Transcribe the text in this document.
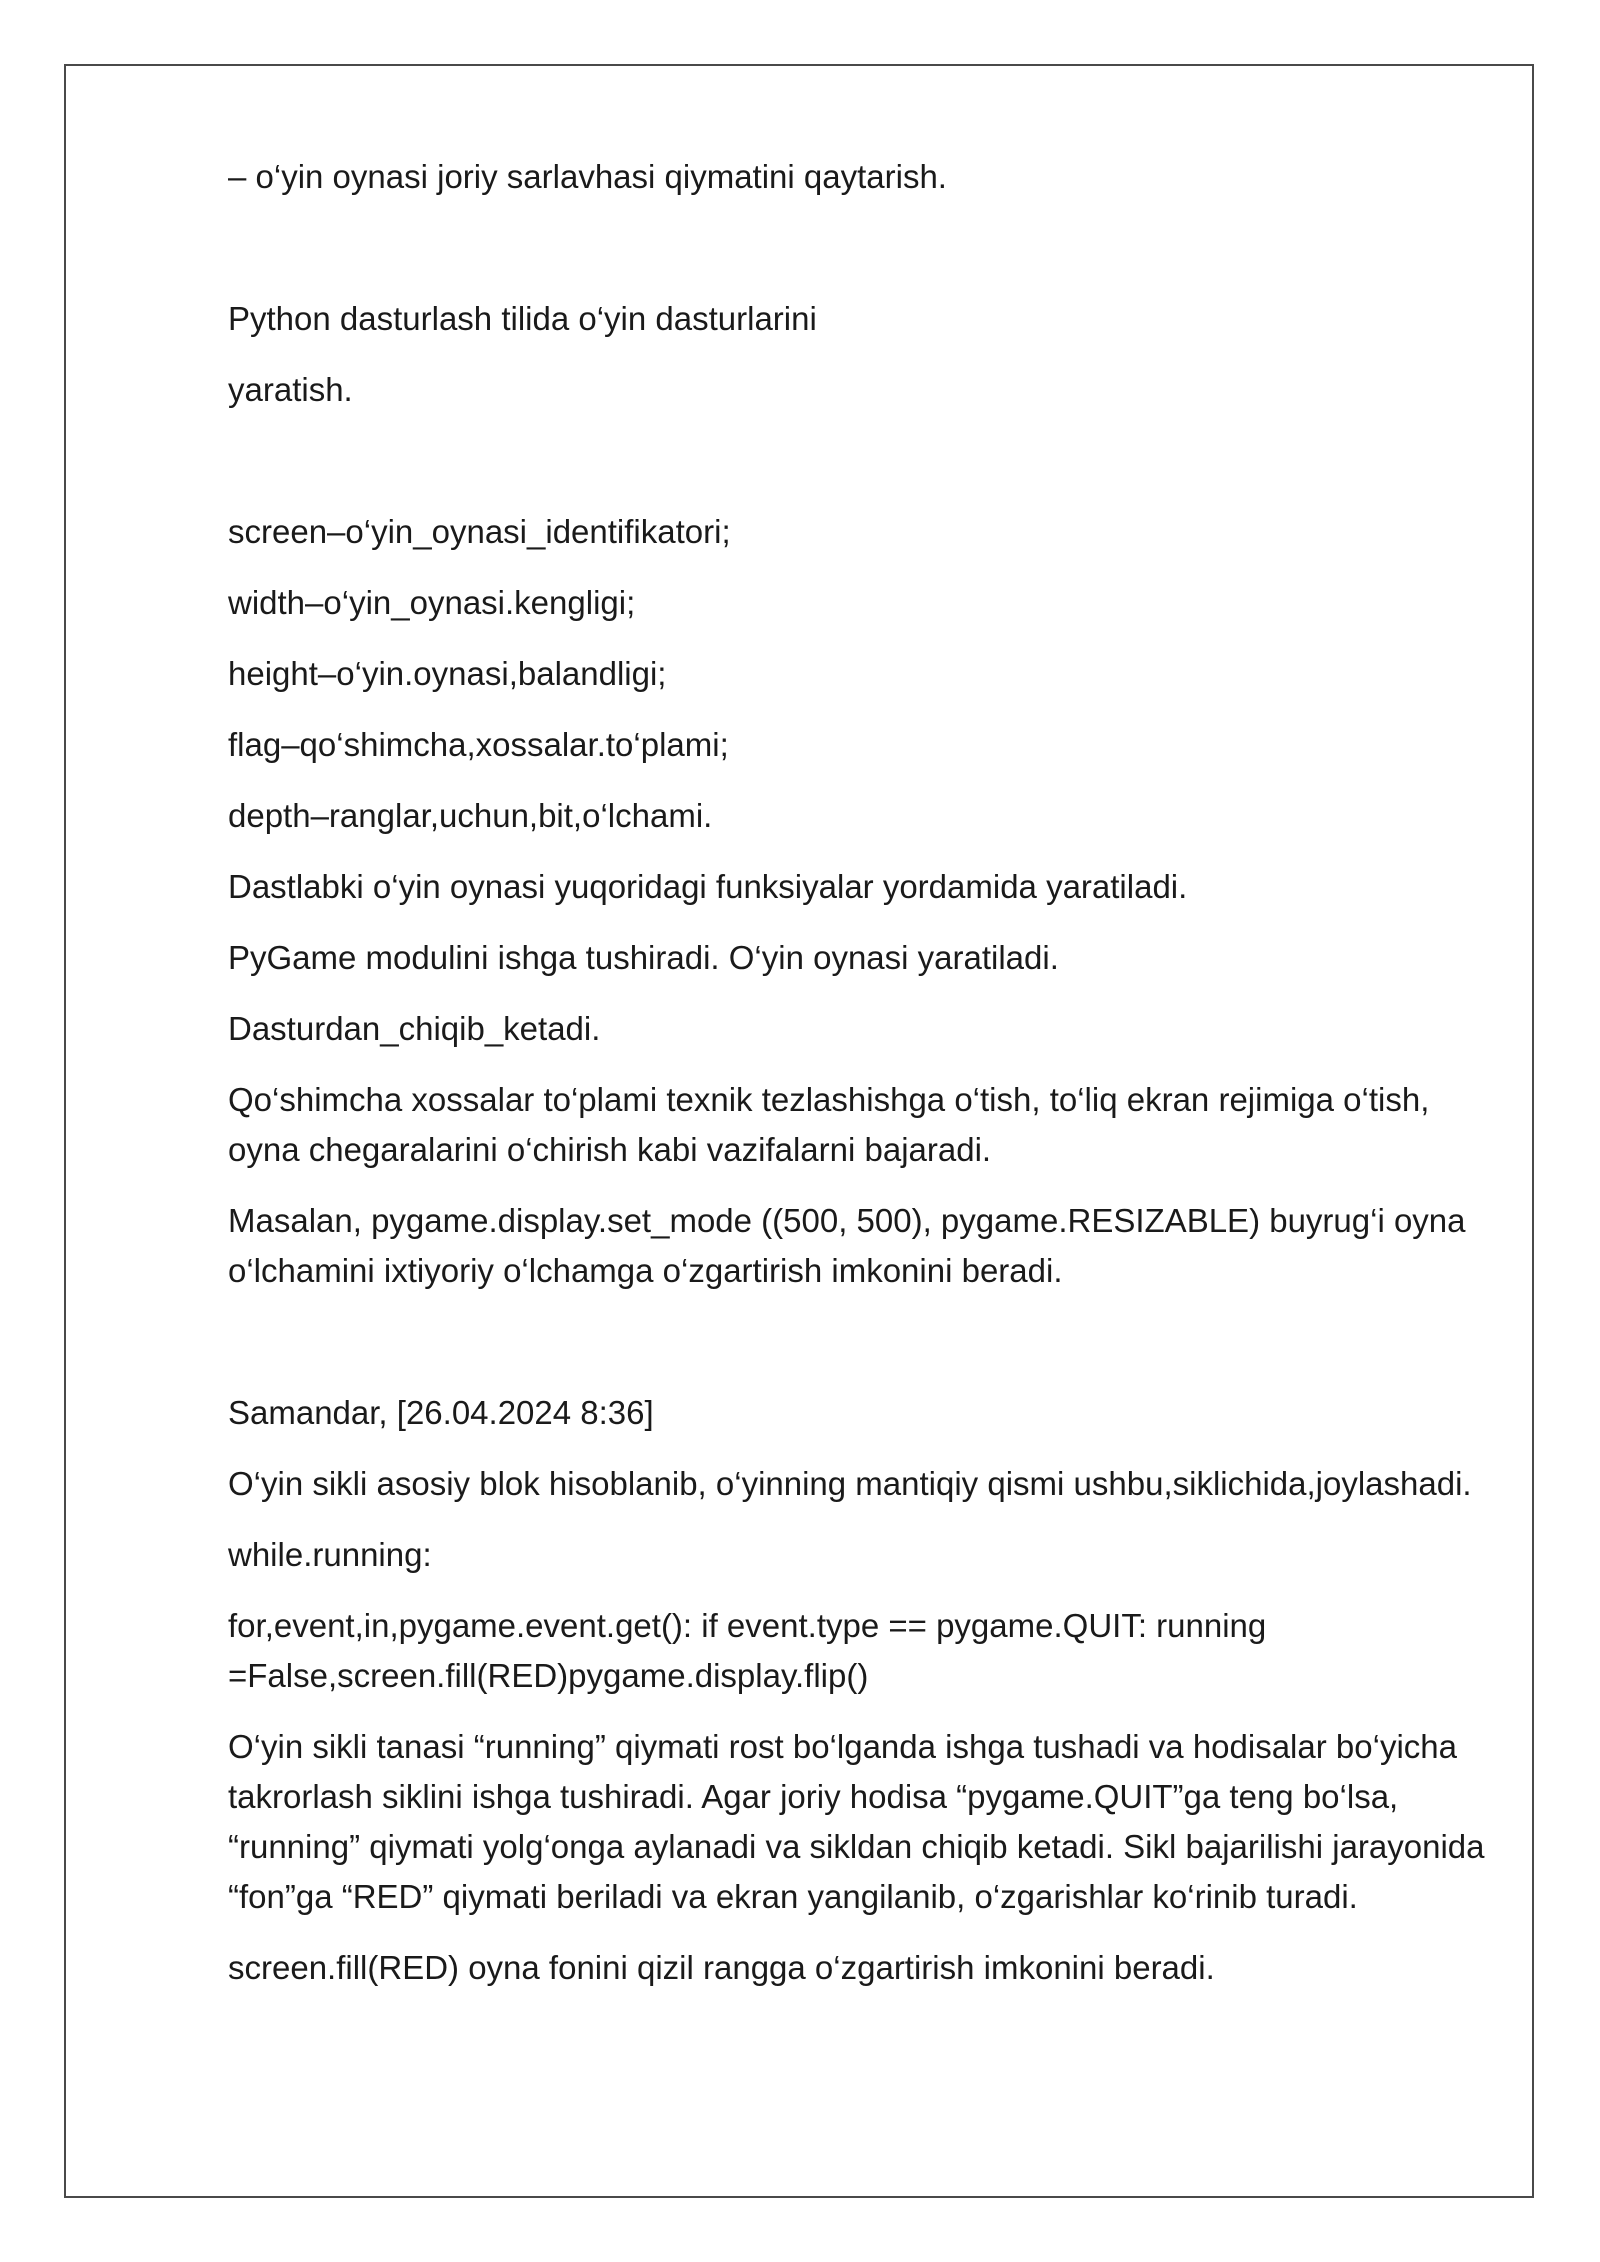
– o‘yin oynasi joriy sarlavhasi qiymatini qaytarish.

Python dasturlash tilida o‘yin dasturlarini

yaratish.

screen–o‘yin_oynasi_identifikatori;

width–o‘yin_oynasi.kengligi;

height–o‘yin.oynasi,balandligi;

flag–qo‘shimcha,xossalar.to‘plami;

depth–ranglar,uchun,bit,o‘lchami.

Dastlabki o‘yin oynasi yuqoridagi funksiyalar yordamida yaratiladi.

PyGame modulini ishga tushiradi. O‘yin oynasi yaratiladi.

Dasturdan_chiqib_ketadi.

Qo‘shimcha xossalar to‘plami texnik tezlashishga o‘tish, to‘liq ekran rejimiga o‘tish, oyna chegaralarini o‘chirish kabi vazifalarni bajaradi.

Masalan, pygame.display.set_mode ((500, 500), pygame.RESIZABLE) buyrug‘i oyna o‘lchamini ixtiyoriy o‘lchamga o‘zgartirish imkonini beradi.

Samandar, [26.04.2024 8:36]

O‘yin sikli asosiy blok hisoblanib, o‘yinning mantiqiy qismi ushbu,siklichida,joylashadi.

while.running:

for,event,in,pygame.event.get(): if event.type == pygame.QUIT: running =False,screen.fill(RED)pygame.display.flip()

O‘yin sikli tanasi “running” qiymati rost bo‘lganda ishga tushadi va hodisalar bo‘yicha takrorlash siklini ishga tushiradi. Agar joriy hodisa “pygame.QUIT”ga teng bo‘lsa, “running” qiymati yolg‘onga aylanadi va sikldan chiqib ketadi. Sikl bajarilishi jarayonida “fon”ga “RED” qiymati beriladi va ekran yangilanib, o‘zgarishlar ko‘rinib turadi.

screen.fill(RED) oyna fonini qizil rangga o‘zgartirish imkonini beradi.
